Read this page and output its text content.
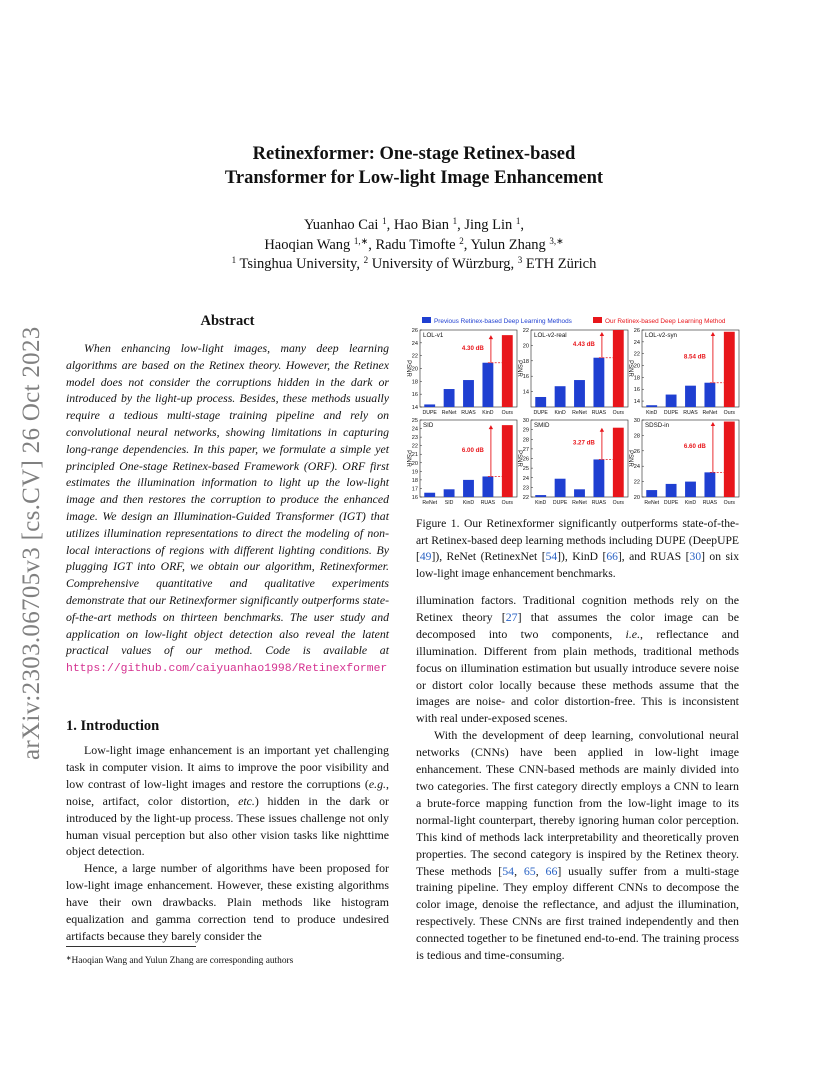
arXiv:2303.06705v3 [cs.CV] 26 Oct 2023
Retinexformer: One-stage Retinex-based
Transformer for Low-light Image Enhancement
Yuanhao Cai $^1$, Hao Bian $^1$, Jing Lin $^1$,
Haoqian Wang $^{1,∗}$, Radu Timofte $^2$, Yulun Zhang $^{3,∗}$
$^1$ Tsinghua University, $^2$ University of Würzburg, $^3$ ETH Zürich
Abstract
When enhancing low-light images, many deep learning algorithms are based on the Retinex theory. However, the Retinex model does not consider the corruptions hidden in the dark or introduced by the light-up process. Besides, these methods usually require a tedious multi-stage training pipeline and rely on convolutional neural networks, showing limitations in capturing long-range dependencies. In this paper, we formulate a simple yet principled One-stage Retinex-based Framework (ORF). ORF first estimates the illumination information to light up the low-light image and then restores the corruption to produce the enhanced image. We design an Illumination-Guided Transformer (IGT) that utilizes illumination representations to direct the modeling of non-local interactions of regions with different lighting conditions. By plugging IGT into ORF, we obtain our algorithm, Retinexformer. Comprehensive quantitative and qualitative experiments demonstrate that our Retinexformer significantly outperforms state-of-the-art methods on thirteen benchmarks. The user study and application on low-light object detection also reveal the latent practical values of our method. Code is available at https://github.com/caiyuanhao1998/Retinexformer
1. Introduction

Low-light image enhancement is an important yet challenging task in computer vision. It aims to improve the poor visibility and low contrast of low-light images and restore the corruptions (e.g., noise, artifact, color distortion, etc.) hidden in the dark or introduced by the light-up process. These issues challenge not only human visual perception but also other vision tasks like nighttime object detection.

Hence, a large number of algorithms have been proposed for low-light image enhancement. However, these existing algorithms have their own drawbacks. Plain methods like histogram equalization and gamma correction tend to produce undesired artifacts because they barely consider the

∗Haoqian Wang and Yulun Zhang are corresponding authors
Previous Retinex-based Deep Learning Methods	Our Retinex-based Deep Learning Method
LOL-v1
PSNR
14
16
18
20
22
24
26
DUPE ReNet RUAS KinD Ours
4.30 dB
LOL-v2-real
PSNR
14
16
18
20
22
DUPE KinD ReNet RUAS Ours
4.43 dB
LOL-v2-syn
PSNR
14
16
18
20
22
24
26
KinD DUPE RUAS ReNet Ours
8.54 dB
SID
PSNR
16
17
18
19
20
21
22
23
24
25
ReNet SID KinD RUAS Ours
6.00 dB
SMID
PSNR
22
23
24
25
26
27
28
29
30
KinD DUPE ReNet RUAS Ours
3.27 dB
SDSD-in
PSNR
20
22
24
26
28
30
ReNet DUPE KinD RUAS Ours
6.60 dB
Figure 1. Our Retinexformer significantly outperforms state-of-the-art Retinex-based deep learning methods including DUPE (DeepUPE [49]), ReNet (RetinexNet [54]), KinD [66], and RUAS [30] on six low-light image enhancement benchmarks.

illumination factors. Traditional cognition methods rely on the Retinex theory [27] that assumes the color image can be decomposed into two components, i.e., reflectance and illumination. Different from plain methods, traditional methods focus on illumination estimation but usually introduce severe noise or distort color locally because these methods assume that the images are noise- and color distortion-free. This is inconsistent with real under-exposed scenes.

With the development of deep learning, convolutional neural networks (CNNs) have been applied in low-light image enhancement. These CNN-based methods are mainly divided into two categories. The first category directly employs a CNN to learn a brute-force mapping function from the low-light image to its normal-light counterpart, thereby ignoring human color perception. This kind of methods lack interpretability and theoretically proven properties. The second category is inspired by the Retinex theory. These methods [54, 65, 66] usually suffer from a multi-stage training pipeline. They employ different CNNs to decompose the color image, denoise the reflectance, and adjust the illumination, respectively. These CNNs are first trained independently and then connected together to be finetuned end-to-end. The training process is tedious and time-consuming.
